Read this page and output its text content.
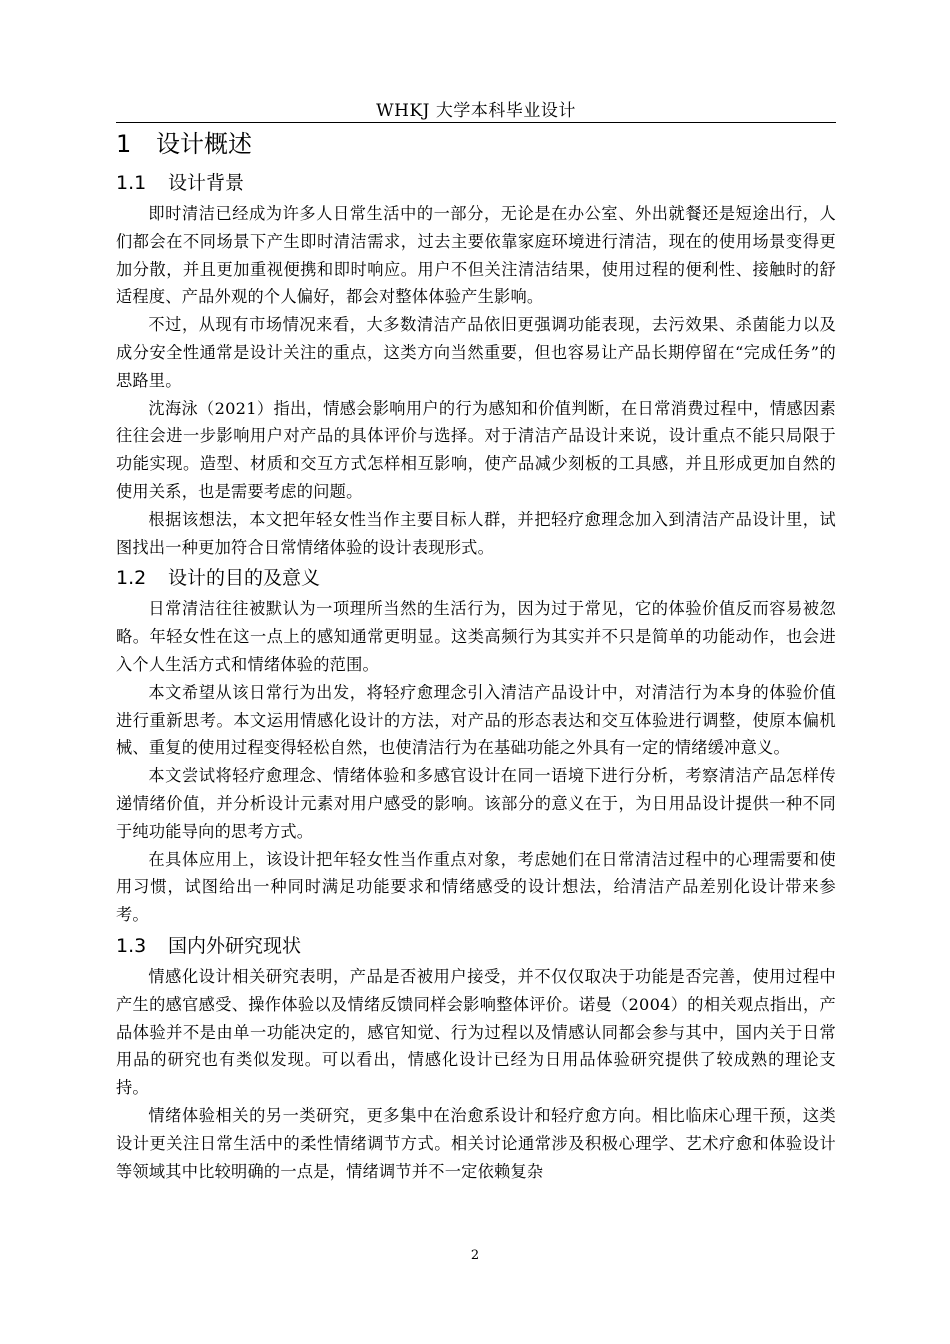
WHKJ 大学本科毕业设计
1 设计概述
1.1 设计背景

即时清洁已经成为许多人日常生活中的一部分，无论是在办公室、外出就餐还是短途出行，人们都会在不同场景下产生即时清洁需求，过去主要依靠家庭环境进行清洁，现在的使用场景变得更加分散，并且更加重视便携和即时响应。用户不但关注清洁结果，使用过程的便利性、接触时的舒适程度、产品外观的个人偏好，都会对整体体验产生影响。

不过，从现有市场情况来看，大多数清洁产品依旧更强调功能表现，去污效果、杀菌能力以及成分安全性通常是设计关注的重点，这类方向当然重要，但也容易让产品长期停留在“完成任务”的思路里。

沈海泳（2021）指出，情感会影响用户的行为感知和价值判断，在日常消费过程中，情感因素往往会进一步影响用户对产品的具体评价与选择。对于清洁产品设计来说，设计重点不能只局限于功能实现。造型、材质和交互方式怎样相互影响，使产品减少刻板的工具感，并且形成更加自然的使用关系，也是需要考虑的问题。

根据该想法，本文把年轻女性当作主要目标人群，并把轻疗愈理念加入到清洁产品设计里，试图找出一种更加符合日常情绪体验的设计表现形式。

1.2 设计的目的及意义

日常清洁往往被默认为一项理所当然的生活行为，因为过于常见，它的体验价值反而容易被忽略。年轻女性在这一点上的感知通常更明显。这类高频行为其实并不只是简单的功能动作，也会进入个人生活方式和情绪体验的范围。

本文希望从该日常行为出发，将轻疗愈理念引入清洁产品设计中，对清洁行为本身的体验价值进行重新思考。本文运用情感化设计的方法，对产品的形态表达和交互体验进行调整，使原本偏机械、重复的使用过程变得轻松自然，也使清洁行为在基础功能之外具有一定的情绪缓冲意义。

本文尝试将轻疗愈理念、情绪体验和多感官设计在同一语境下进行分析，考察清洁产品怎样传递情绪价值，并分析设计元素对用户感受的影响。该部分的意义在于，为日用品设计提供一种不同于纯功能导向的思考方式。

在具体应用上，该设计把年轻女性当作重点对象，考虑她们在日常清洁过程中的心理需要和使用习惯，试图给出一种同时满足功能要求和情绪感受的设计想法，给清洁产品差别化设计带来参考。

1.3 国内外研究现状

情感化设计相关研究表明，产品是否被用户接受，并不仅仅取决于功能是否完善，使用过程中产生的感官感受、操作体验以及情绪反馈同样会影响整体评价。诺曼（2004）的相关观点指出，产品体验并不是由单一功能决定的，感官知觉、行为过程以及情感认同都会参与其中，国内关于日常用品的研究也有类似发现。可以看出，情感化设计已经为日用品体验研究提供了较成熟的理论支持。

情绪体验相关的另一类研究，更多集中在治愈系设计和轻疗愈方向。相比临床心理干预，这类设计更关注日常生活中的柔性情绪调节方式。相关讨论通常涉及积极心理学、艺术疗愈和体验设计等领域其中比较明确的一点是，情绪调节并不一定依赖复杂

2
